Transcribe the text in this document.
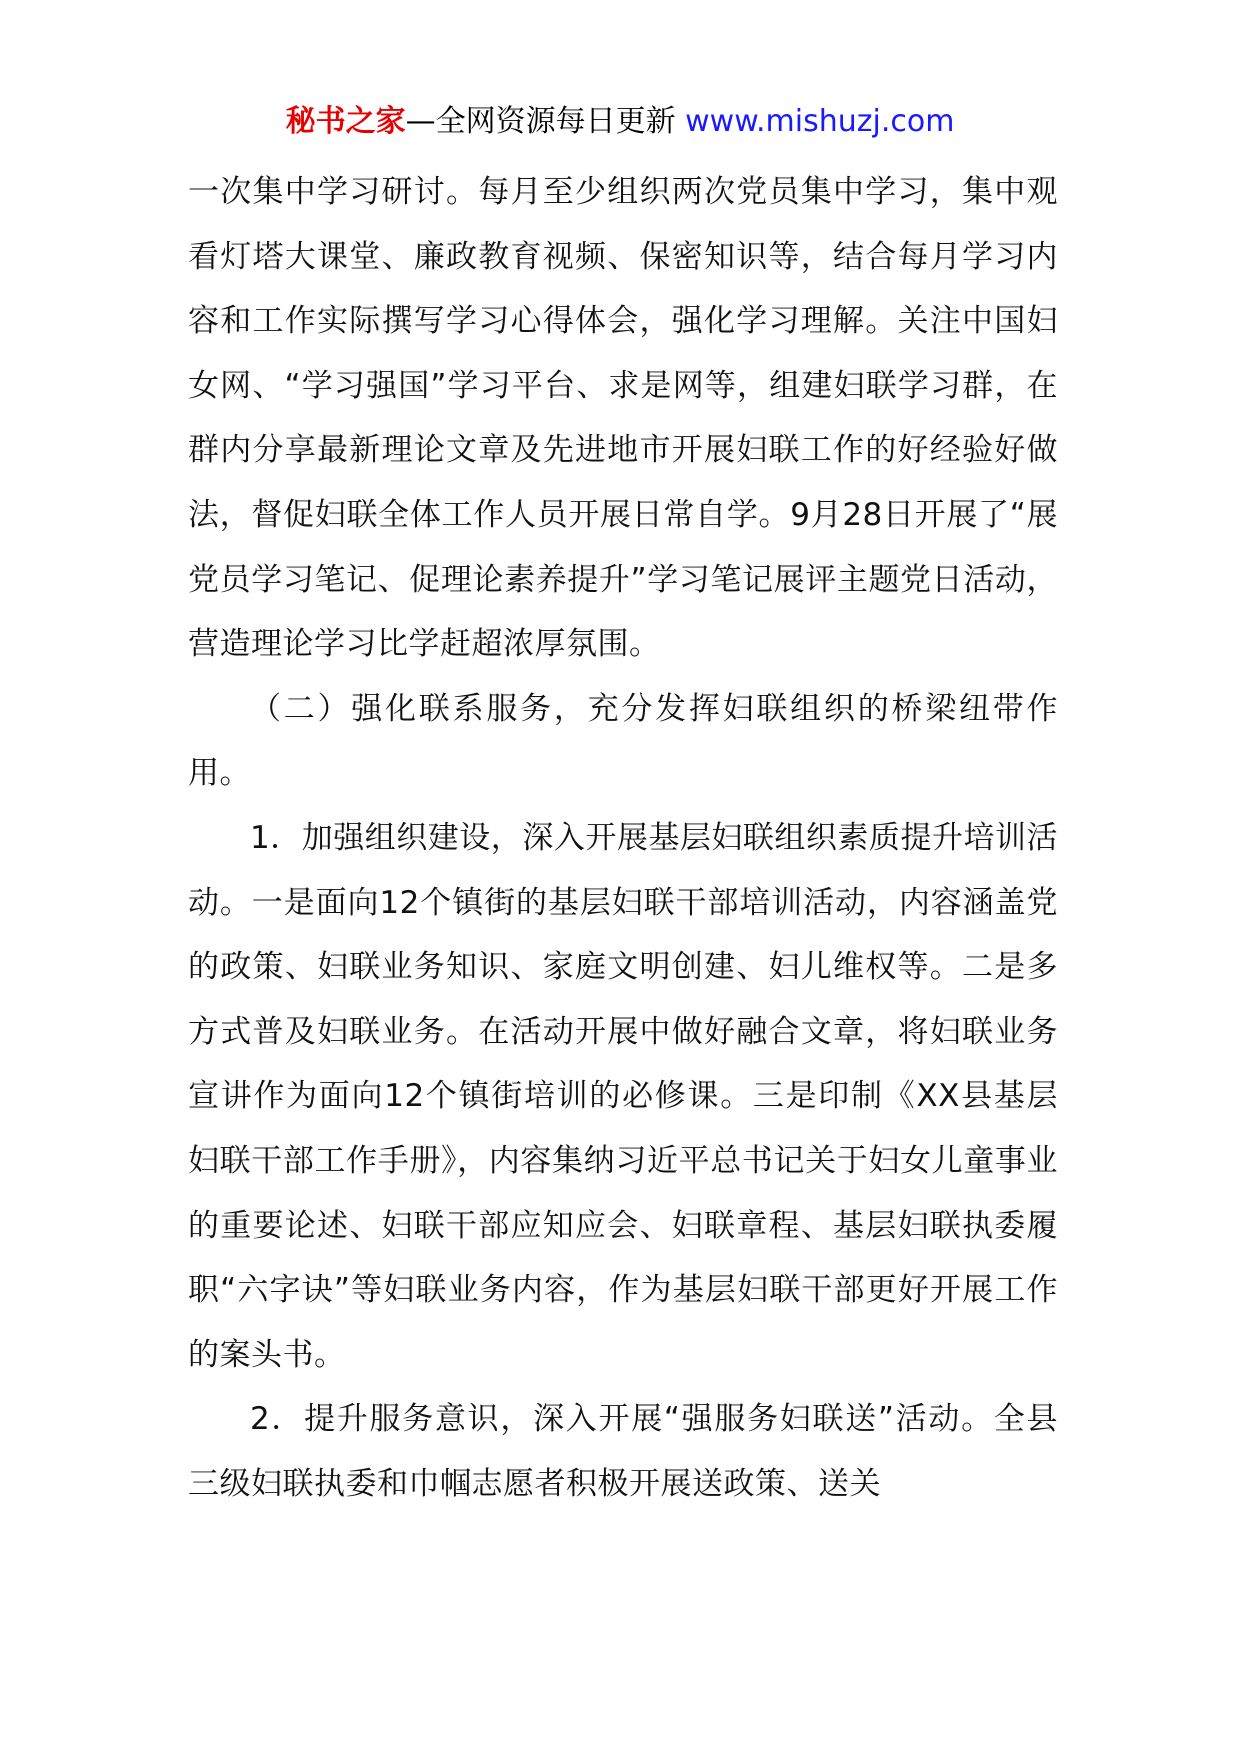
秘书之家—全网资源每日更新 www.mishuzj.com

一次集中学习研讨。每月至少组织两次党员集中学习，集中观看灯塔大课堂、廉政教育视频、保密知识等，结合每月学习内容和工作实际撰写学习心得体会，强化学习理解。关注中国妇女网、“学习强国”学习平台、求是网等，组建妇联学习群，在群内分享最新理论文章及先进地市开展妇联工作的好经验好做法，督促妇联全体工作人员开展日常自学。9月28日开展了“展党员学习笔记、促理论素养提升”学习笔记展评主题党日活动，营造理论学习比学赶超浓厚氛围。

（二）强化联系服务，充分发挥妇联组织的桥梁纽带作用。

1．加强组织建设，深入开展基层妇联组织素质提升培训活动。一是面向12个镇街的基层妇联干部培训活动，内容涵盖党的政策、妇联业务知识、家庭文明创建、妇儿维权等。二是多方式普及妇联业务。在活动开展中做好融合文章，将妇联业务宣讲作为面向12个镇街培训的必修课。三是印制《XX县基层妇联干部工作手册》，内容集纳习近平总书记关于妇女儿童事业的重要论述、妇联干部应知应会、妇联章程、基层妇联执委履职“六字诀”等妇联业务内容，作为基层妇联干部更好开展工作的案头书。

2．提升服务意识，深入开展“强服务妇联送”活动。全县三级妇联执委和巾帼志愿者积极开展送政策、送关
